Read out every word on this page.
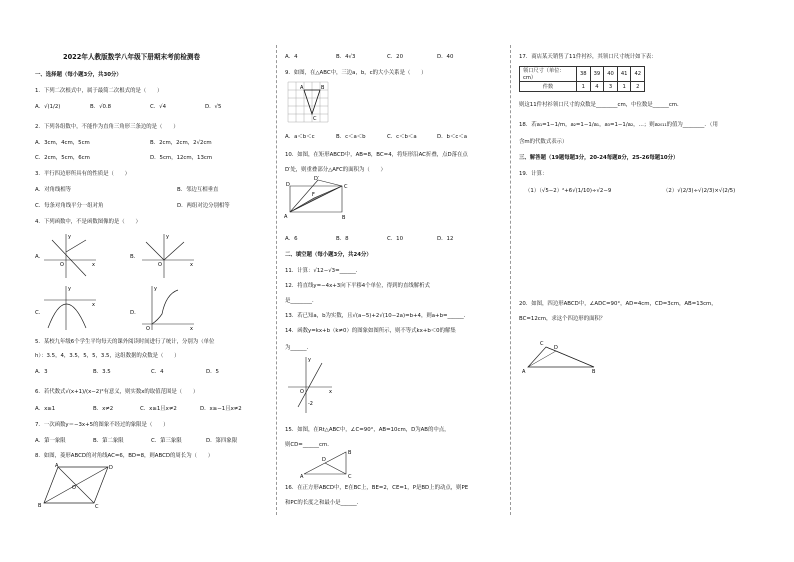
2022年人教版数学八年级下册期末考前检测卷
一、选择题（每小题3分，共30分）
1．下列二次根式中，属于最简二次根式的是（　　）
A．√(1/2)	B．√0.8	C．√4	D．√5
2．下列各组数中，不能作为直角三角形三条边的是（　　）
A．3cm，4cm，5cm	B．2cm，2cm，2√2cm
C．2cm，5cm，6cm	D．5cm，12cm，13cm
3．平行四边形所具有的性质是（　　）
A．对角线相等	B．邻边互相垂直
C．每条对角线平分一组对角	D．两组对边分别相等
4．下列函数中，不是函数图像的是（　　）
A．
x
y
O
B．
x
y
O
C．
x
y
D．
x
y
O
5．某校九年级6个学生平均每天的课外阅读时间进行了统计，分别为（单位
h）：3.5，4，3.5，5，5，3.5，这组数据的众数是（　　）
A．3	B．3.5	C．4	D．5
6．若代数式√(x+1)/(x−2)²有意义，则实数x的取值范围是（　　）
A．x≥1	B．x≠2	C．x≥1且x≠2	D．x≥−1且x≠2
7．一次函数y＝−3x+5的图象不经过的象限是（　　）
A．第一象限	B．第二象限	C．第三象限	D．第四象限
8．如图，菱形ABCD的对角线AC=6，BD=8，则ABCD的周长为（　　）
A
B	C
D
O
A．4	B．4√3	C．20	D．40
9．如图，在△ABC中，三边a，b，c的大小关系是（　　）
A	B
C
A．a＜b＜c	B．c＜a＜b	C．c＜b＜a	D．b＜c＜a
10．如图，在矩形ABCD中，AB=8，BC=4，将矩形沿AC折叠，点D落在点
D′处，则重叠部分△AFC的面积为（　　）
D′
D	C
F
A	B
A．6	B．8	C．10	D．12
二、填空题（每小题3分，共24分）
11．计算：√12−√3=______．
12．将直线y=−4x+3向下平移4个单位，得到的直线解析式
是________．
13．若已知a，b为实数，且√(a−5)+2√(10−2a)=b+4，则a+b=______．
14．函数y=kx+b（k≠0）的图象如图所示，则不等式kx+b＜0的解集
为______．
y
x
O
-2
15．如图，在Rt△ABC中，∠C=90°，AB=10cm，D为AB的中点，
则CD=______cm．
B
D
C
A
16．在正方形ABCD中，E在BC上，BE=2，CE=1，P是BD上的动点，则PE
和PC的长度之和最小是______．
17．商店某天销售了11件衬衫，其领口尺寸统计如下表：
领口尺寸（单位：cm）	38	39	40	41	42
件数	1	4	3	1	2
则这11件衬衫领口尺寸的众数是________cm，中位数是______cm．
18．若a₁=1−1/m，a₂=1−1/a₁，a₃=1−1/a₂，…；则a₂₀₁₁的值为________．（用
含m的代数式表示）
三、解答题（19题每题3分，20-24每题8分，25-26每题10分）
19．计算：
（1）（√5−2）²+6√(1/10)÷√2−9	（2）√(2/3)÷√(2/3)×√(2/5)
20．如图，四边形ABCD中，∠ADC=90°，AD=4cm，CD=3cm，AB=13cm，
BC=12cm，求这个四边形的面积？
C
D
A	B
